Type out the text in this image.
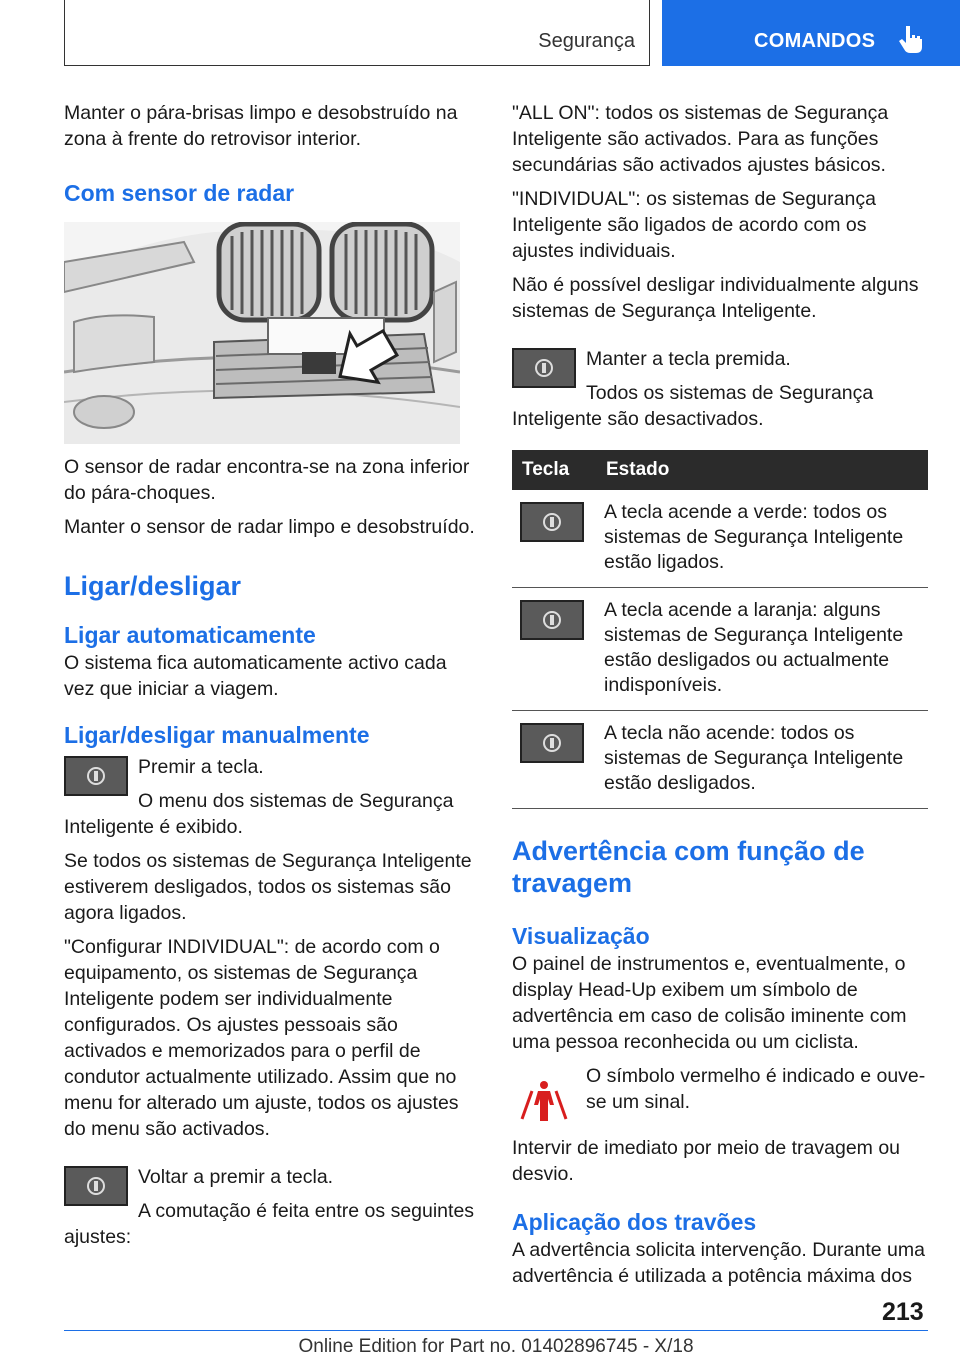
Segurança	COMANDOS

Manter o pára-brisas limpo e desobstruído na zona à frente do retrovisor interior.

Com sensor de radar

O sensor de radar encontra-se na zona inferior do pára-choques.

Manter o sensor de radar limpo e desobstruído.

Ligar/desligar
Ligar automaticamente

O sistema fica automaticamente activo cada vez que iniciar a viagem.

Ligar/desligar manualmente

Premir a tecla.

O menu dos sistemas de Segurança Inteligente é exibido.

Se todos os sistemas de Segurança Inteligente estiverem desligados, todos os sistemas são agora ligados.

"Configurar INDIVIDUAL": de acordo com o equipamento, os sistemas de Segurança Inteligente podem ser individualmente configurados. Os ajustes pessoais são activados e memorizados para o perfil de condutor actualmente utilizado. Assim que no menu for alterado um ajuste, todos os ajustes do menu são activados.

Voltar a premir a tecla.

A comutação é feita entre os seguintes ajustes:

"ALL ON": todos os sistemas de Segurança Inteligente são activados. Para as funções secundárias são activados ajustes básicos.

"INDIVIDUAL": os sistemas de Segurança Inteligente são ligados de acordo com os ajustes individuais.

Não é possível desligar individualmente alguns sistemas de Segurança Inteligente.

Manter a tecla premida.

Todos os sistemas de Segurança Inteligente são desactivados.

Tecla	Estado
	A tecla acende a verde: todos os sistemas de Segurança Inteligente estão ligados.
	A tecla acende a laranja: alguns sistemas de Segurança Inteligente estão desligados ou actualmente indisponíveis.
	A tecla não acende: todos os sistemas de Segurança Inteligente estão desligados.
Advertência com função de travagem
Visualização

O painel de instrumentos e, eventualmente, o display Head-Up exibem um símbolo de advertência em caso de colisão iminente com uma pessoa reconhecida ou um ciclista.

O símbolo vermelho é indicado e ouve-se um sinal.

Intervir de imediato por meio de travagem ou desvio.

Aplicação dos travões

A advertência solicita intervenção. Durante uma advertência é utilizada a potência máxima dos

213
Online Edition for Part no. 01402896745 - X/18
